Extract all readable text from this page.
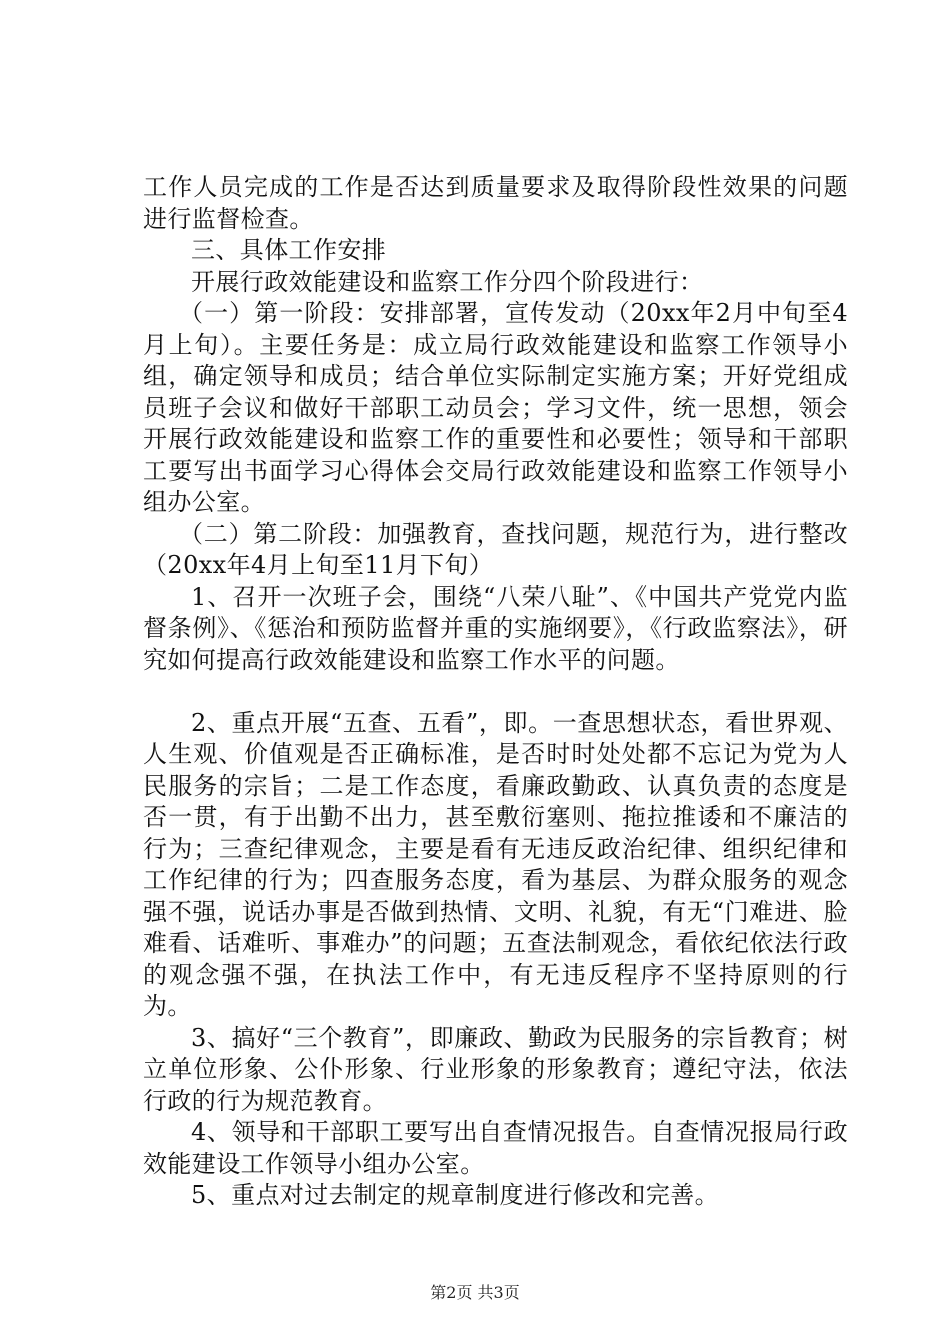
工作人员完成的工作是否达到质量要求及取得阶段性效果的问题进行监督检查。

三、具体工作安排

开展行政效能建设和监察工作分四个阶段进行：

（一）第一阶段：安排部署，宣传发动（20xx年2月中旬至4月上旬）。主要任务是：成立局行政效能建设和监察工作领导小组，确定领导和成员；结合单位实际制定实施方案；开好党组成员班子会议和做好干部职工动员会；学习文件，统一思想，领会开展行政效能建设和监察工作的重要性和必要性；领导和干部职工要写出书面学习心得体会交局行政效能建设和监察工作领导小组办公室。

（二）第二阶段：加强教育，查找问题，规范行为，进行整改（20xx年4月上旬至11月下旬）

1、召开一次班子会，围绕“八荣八耻”、《中国共产党党内监督条例》、《惩治和预防监督并重的实施纲要》，《行政监察法》，研究如何提高行政效能建设和监察工作水平的问题。

2、重点开展“五查、五看”，即。一查思想状态，看世界观、人生观、价值观是否正确标准，是否时时处处都不忘记为党为人民服务的宗旨；二是工作态度，看廉政勤政、认真负责的态度是否一贯，有于出勤不出力，甚至敷衍塞则、拖拉推诿和不廉洁的行为；三查纪律观念，主要是看有无违反政治纪律、组织纪律和工作纪律的行为；四查服务态度，看为基层、为群众服务的观念强不强，说话办事是否做到热情、文明、礼貌，有无“门难进、脸难看、话难听、事难办”的问题；五查法制观念，看依纪依法行政的观念强不强，在执法工作中，有无违反程序不坚持原则的行为。

3、搞好“三个教育”，即廉政、勤政为民服务的宗旨教育；树立单位形象、公仆形象、行业形象的形象教育；遵纪守法，依法行政的行为规范教育。

4、领导和干部职工要写出自查情况报告。自查情况报局行政效能建设工作领导小组办公室。

5、重点对过去制定的规章制度进行修改和完善。

第2页 共3页
